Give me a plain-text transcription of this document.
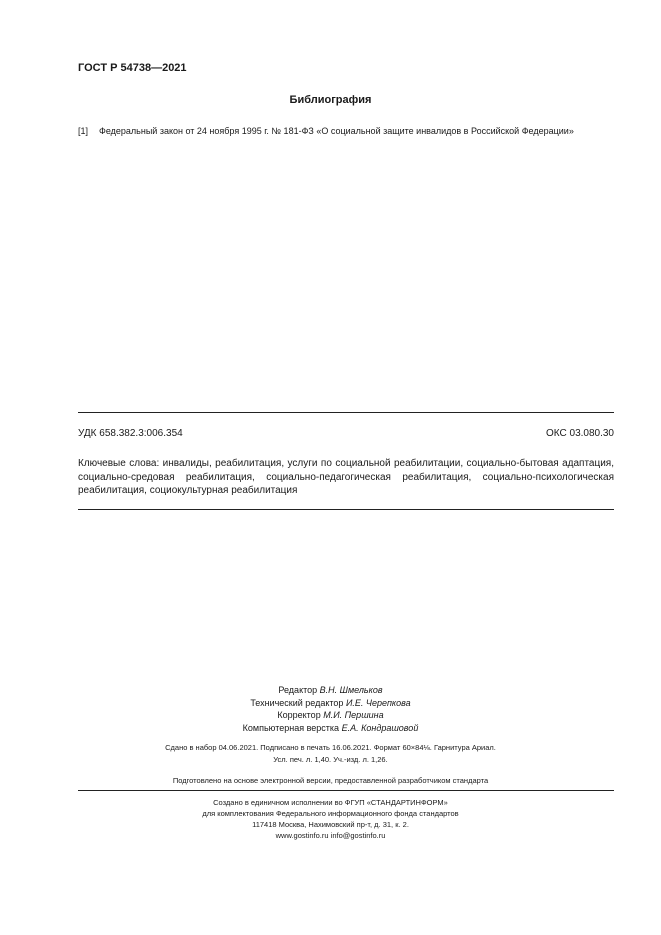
ГОСТ Р 54738—2021
Библиография
[1] Федеральный закон от 24 ноября 1995 г. № 181-ФЗ «О социальной защите инвалидов в Российской Федерации»
УДК 658.382.3:006.354	ОКС 03.080.30
Ключевые слова: инвалиды, реабилитация, услуги по социальной реабилитации, социально-бытовая адаптация, социально-средовая реабилитация, социально-педагогическая реабилитация, социально-психологическая реабилитация, социокультурная реабилитация
Редактор В.Н. Шмельков
Технический редактор И.Е. Черепкова
Корректор М.И. Першина
Компьютерная верстка Е.А. Кондрашовой
Сдано в набор 04.06.2021. Подписано в печать 16.06.2021. Формат 60×84⅛. Гарнитура Ариал.
Усл. печ. л. 1,40. Уч.-изд. л. 1,26.
Подготовлено на основе электронной версии, предоставленной разработчиком стандарта
Создано в единичном исполнении во ФГУП «СТАНДАРТИНФОРМ»
для комплектования Федерального информационного фонда стандартов
117418 Москва, Нахимовский пр-т, д. 31, к. 2.
www.gostinfo.ru info@gostinfo.ru
